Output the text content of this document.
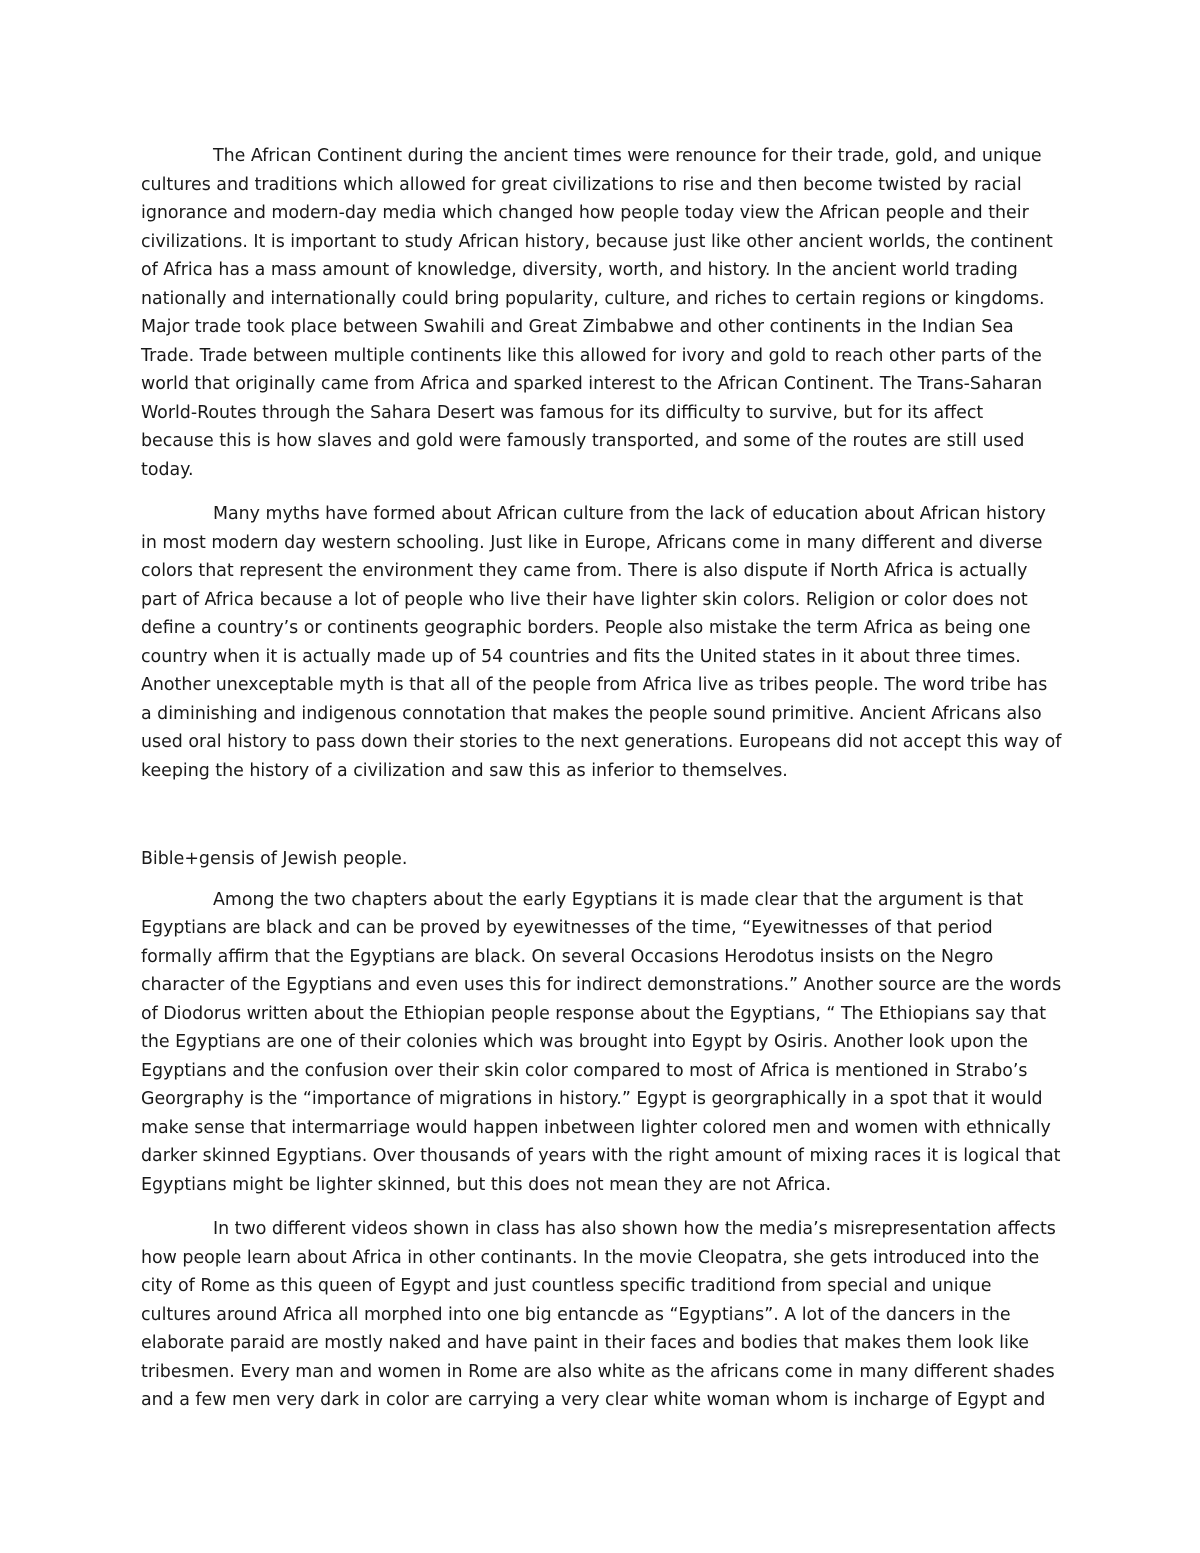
The African Continent during the ancient times were renounce for their trade, gold, and unique
cultures and traditions which allowed for great civilizations to rise and then become twisted by racial
ignorance and modern-day media which changed how people today view the African people and their
civilizations. It is important to study African history, because just like other ancient worlds, the continent
of Africa has a mass amount of knowledge, diversity, worth, and history. In the ancient world trading
nationally and internationally could bring popularity, culture, and riches to certain regions or kingdoms.
Major trade took place between Swahili and Great Zimbabwe and other continents in the Indian Sea
Trade. Trade between multiple continents like this allowed for ivory and gold to reach other parts of the
world that originally came from Africa and sparked interest to the African Continent. The Trans-Saharan
World-Routes through the Sahara Desert was famous for its difficulty to survive, but for its affect
because this is how slaves and gold were famously transported, and some of the routes are still used
today.
Many myths have formed about African culture from the lack of education about African history
in most modern day western schooling. Just like in Europe, Africans come in many different and diverse
colors that represent the environment they came from. There is also dispute if North Africa is actually
part of Africa because a lot of people who live their have lighter skin colors. Religion or color does not
define a country’s or continents geographic borders. People also mistake the term Africa as being one
country when it is actually made up of 54 countries and fits the United states in it about three times.
Another unexceptable myth is that all of the people from Africa live as tribes people. The word tribe has
a diminishing and indigenous connotation that makes the people sound primitive. Ancient Africans also
used oral history to pass down their stories to the next generations. Europeans did not accept this way of
keeping the history of a civilization and saw this as inferior to themselves.
Bible+gensis of Jewish people.
Among the two chapters about the early Egyptians it is made clear that the argument is that
Egyptians are black and can be proved by eyewitnesses of the time, “Eyewitnesses of that period
formally affirm that the Egyptians are black. On several Occasions Herodotus insists on the Negro
character of the Egyptians and even uses this for indirect demonstrations.” Another source are the words
of Diodorus written about the Ethiopian people response about the Egyptians, “ The Ethiopians say that
the Egyptians are one of their colonies which was brought into Egypt by Osiris. Another look upon the
Egyptians and the confusion over their skin color compared to most of Africa is mentioned in Strabo’s
Georgraphy is the “importance of migrations in history.” Egypt is georgraphically in a spot that it would
make sense that intermarriage would happen inbetween lighter colored men and women with ethnically
darker skinned Egyptians. Over thousands of years with the right amount of mixing races it is logical that
Egyptians might be lighter skinned, but this does not mean they are not Africa.
In two different videos shown in class has also shown how the media’s misrepresentation affects
how people learn about Africa in other continants. In the movie Cleopatra, she gets introduced into the
city of Rome as this queen of Egypt and just countless specific traditiond from special and unique
cultures around Africa all morphed into one big entancde as “Egyptians”. A lot of the dancers in the
elaborate paraid are mostly naked and have paint in their faces and bodies that makes them look like
tribesmen. Every man and women in Rome are also white as the africans come in many different shades
and a few men very dark in color are carrying a very clear white woman whom is incharge of Egypt and
